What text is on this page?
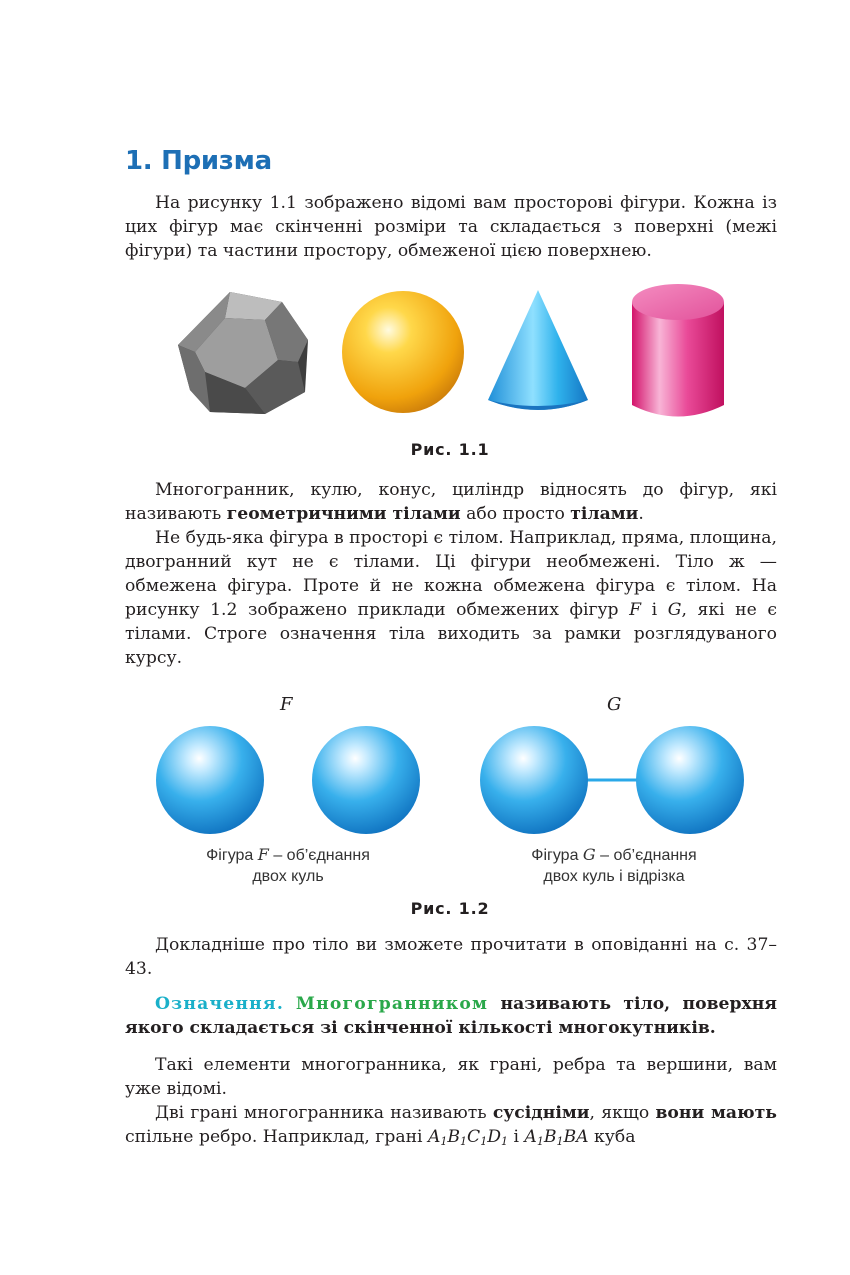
1. Призма

На рисунку 1.1 зображено відомі вам просторові фігури. Кожна із цих фігур має скінченні розміри та складається з поверхні (межі фігури) та частини простору, обмеженої цією поверхнею.

Рис. 1.1

Многогранник, кулю, конус, циліндр відносять до фігур, які називають геометричними тілами або просто тілами.

Не будь-яка фігура в просторі є тілом. Наприклад, пряма, площина, двогранний кут не є тілами. Ці фігури необмежені. Тіло ж — обмежена фігура. Проте й не кожна обмежена фігура є тілом. На рисунку 1.2 зображено приклади обмежених фігур F і G, які не є тілами. Строге означення тіла виходить за рамки розглядуваного курсу.

F	G
Фігура F – об’єднання
двох куль
Фігура G – об’єднання
двох куль і відрізка
Рис. 1.2

Докладніше про тіло ви зможете прочитати в оповіданні на с. 37–43.

Означення. Многогранником називають тіло, поверхня якого складається зі скінченної кількості многокутників.

Такі елементи многогранника, як грані, ребра та вершини, вам уже відомі.

Дві грані многогранника називають сусідніми, якщо вони мають спільне ребро. Наприклад, грані $A_1B_1C_1D_1$ і $A_1B_1BA$ куба
